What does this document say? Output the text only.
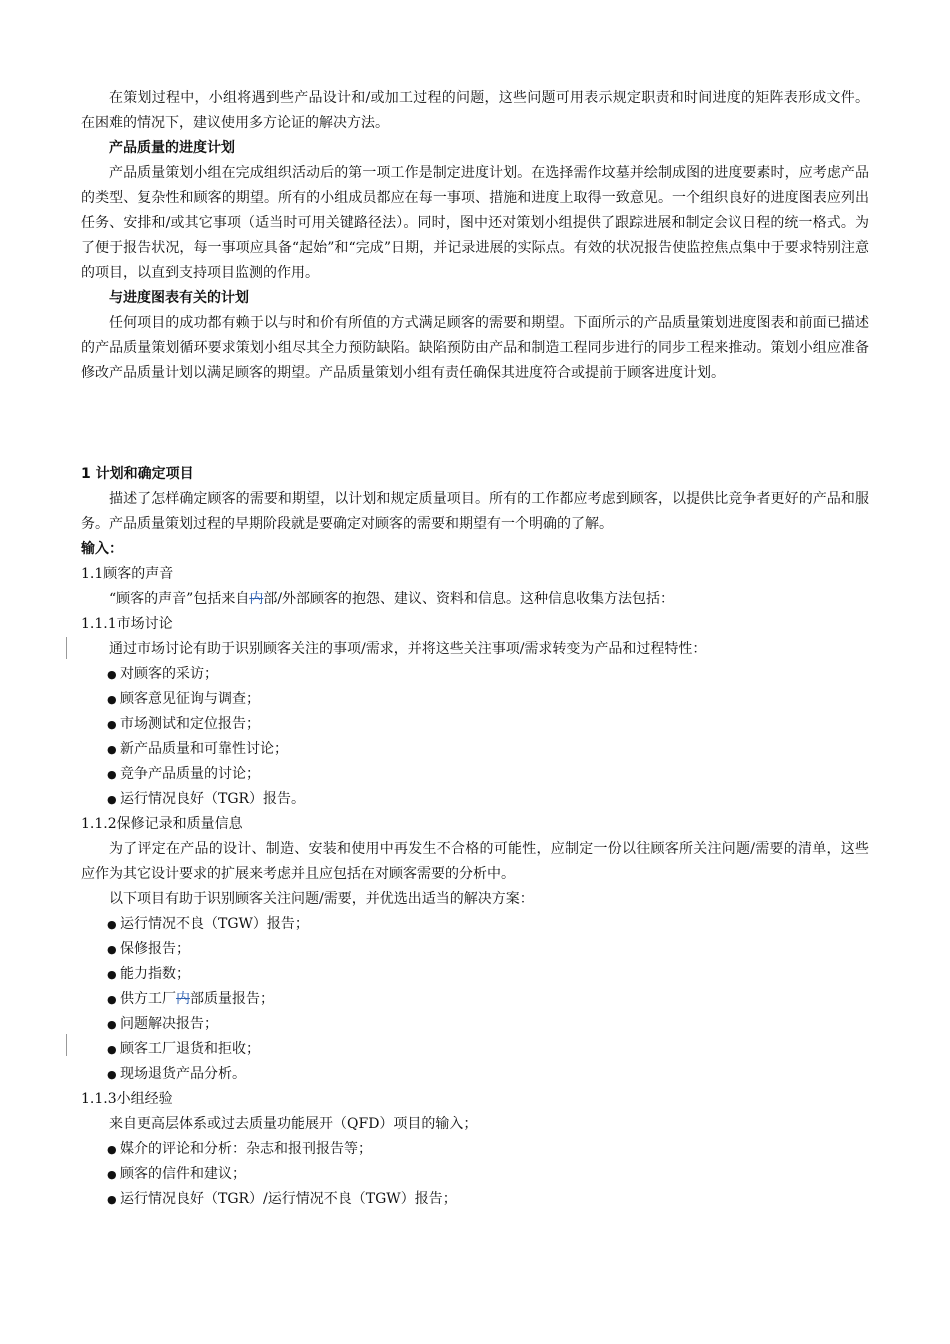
在策划过程中，小组将遇到些产品设计和/或加工过程的问题，这些问题可用表示规定职责和时间进度的矩阵表形成文件。在困难的情况下，建议使用多方论证的解决方法。

产品质量的进度计划

产品质量策划小组在完成组织活动后的第一项工作是制定进度计划。在选择需作坟墓并绘制成图的进度要素时，应考虑产品的类型、复杂性和顾客的期望。所有的小组成员都应在每一事项、措施和进度上取得一致意见。一个组织良好的进度图表应列出任务、安排和/或其它事项（适当时可用关键路径法）。同时，图中还对策划小组提供了跟踪进展和制定会议日程的统一格式。为了便于报告状况，每一事项应具备“起始”和“完成”日期，并记录进展的实际点。有效的状况报告使监控焦点集中于要求特别注意的项目，以直到支持项目监测的作用。

与进度图表有关的计划

任何项目的成功都有赖于以与时和价有所值的方式满足顾客的需要和期望。下面所示的产品质量策划进度图表和前面已描述的产品质量策划循环要求策划小组尽其全力预防缺陷。缺陷预防由产品和制造工程同步进行的同步工程来推动。策划小组应准备修改产品质量计划以满足顾客的期望。产品质量策划小组有责任确保其进度符合或提前于顾客进度计划。

1 计划和确定项目

描述了怎样确定顾客的需要和期望，以计划和规定质量项目。所有的工作都应考虑到顾客，以提供比竞争者更好的产品和服务。产品质量策划过程的早期阶段就是要确定对顾客的需要和期望有一个明确的了解。

输入：

1.1顾客的声音

“顾客的声音”包括来自内部/外部顾客的抱怨、建议、资料和信息。这种信息收集方法包括：

1.1.1市场讨论

通过市场讨论有助于识别顾客关注的事项/需求，并将这些关注事项/需求转变为产品和过程特性：

● 对顾客的采访；
● 顾客意见征询与调查；
● 市场测试和定位报告；
● 新产品质量和可靠性讨论；
● 竞争产品质量的讨论；
● 运行情况良好（TGR）报告。

1.1.2保修记录和质量信息

为了评定在产品的设计、制造、安装和使用中再发生不合格的可能性，应制定一份以往顾客所关注问题/需要的清单，这些应作为其它设计要求的扩展来考虑并且应包括在对顾客需要的分析中。

以下项目有助于识别顾客关注问题/需要，并优选出适当的解决方案：

● 运行情况不良（TGW）报告；
● 保修报告；
● 能力指数；
● 供方工厂内部质量报告；
● 问题解决报告；
● 顾客工厂退货和拒收；
● 现场退货产品分析。

1.1.3小组经验

来自更高层体系或过去质量功能展开（QFD）项目的输入；

● 媒介的评论和分析：杂志和报刊报告等；
● 顾客的信件和建议；
● 运行情况良好（TGR）/运行情况不良（TGW）报告；
